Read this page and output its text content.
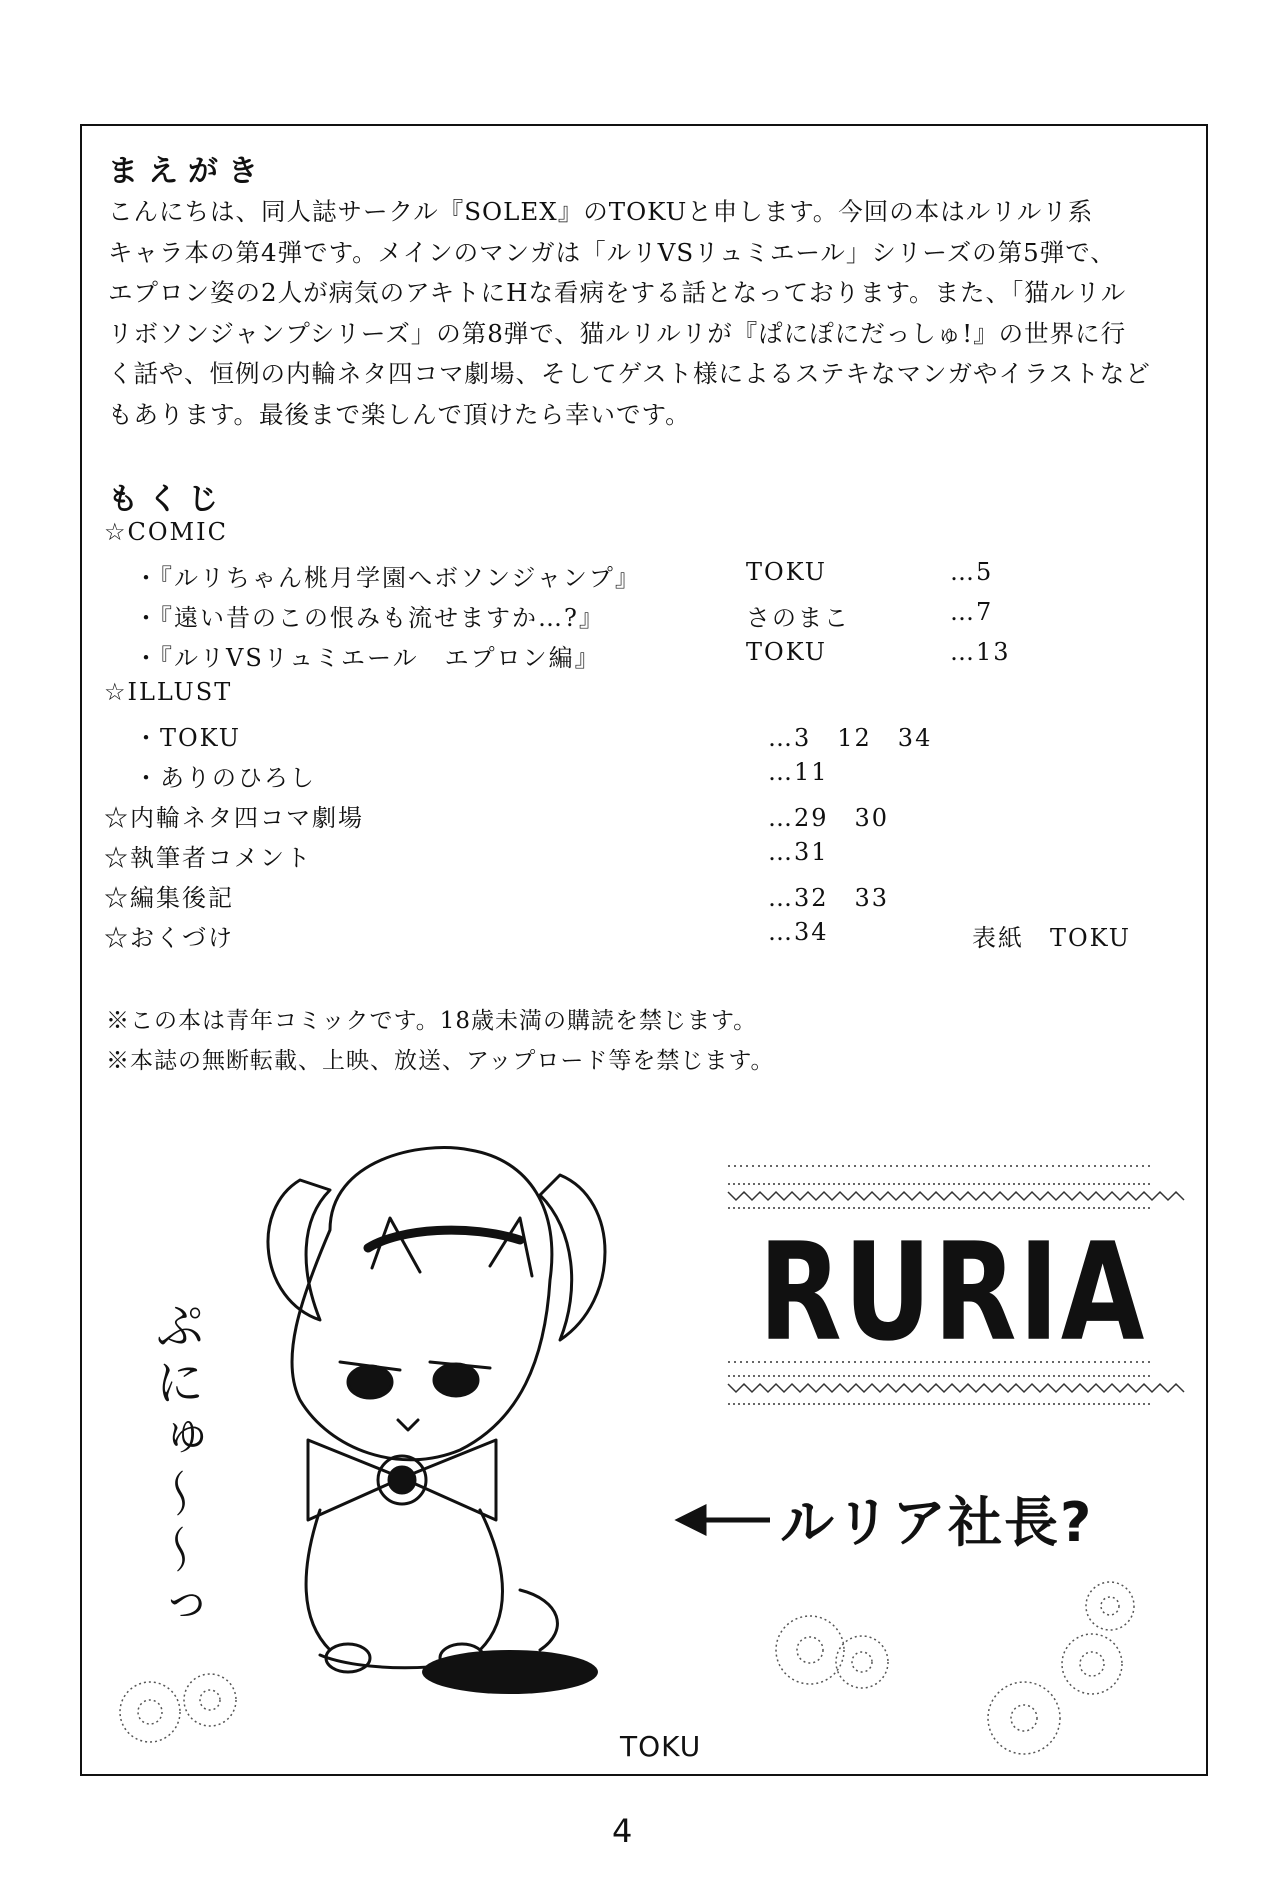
まえがき
こんにちは、同人誌サークル『SOLEX』のTOKUと申します。今回の本はルリルリ系
キャラ本の第4弾です。メインのマンガは「ルリVSリュミエール」シリーズの第5弾で、
エプロン姿の2人が病気のアキトにHな看病をする話となっております。また、「猫ルリル
リボソンジャンプシリーズ」の第8弾で、猫ルリルリが『ぱにぽにだっしゅ!』の世界に行
く話や、恒例の内輪ネタ四コマ劇場、そしてゲスト様によるステキなマンガやイラストなど
もあります。最後まで楽しんで頂けたら幸いです。
もくじ
☆COMIC
・『ルリちゃん桃月学園へボソンジャンプ』	TOKU	…5
・『遠い昔のこの恨みも流せますか…?』	さのまこ	…7
・『ルリVSリュミエール　エプロン編』	TOKU	…13
☆ILLUST
・TOKU	…3　12　34
・ありのひろし	…11
☆内輪ネタ四コマ劇場	…29　30
☆執筆者コメント	…31
☆編集後記	…32　33
☆おくづけ	…34	表紙　TOKU
※この本は青年コミックです。18歳未満の購読を禁じます。
※本誌の無断転載、上映、放送、アップロード等を禁じます。
RURIA
ルリア社長?
ぷにゅ〜〜っ
TOKU
4
